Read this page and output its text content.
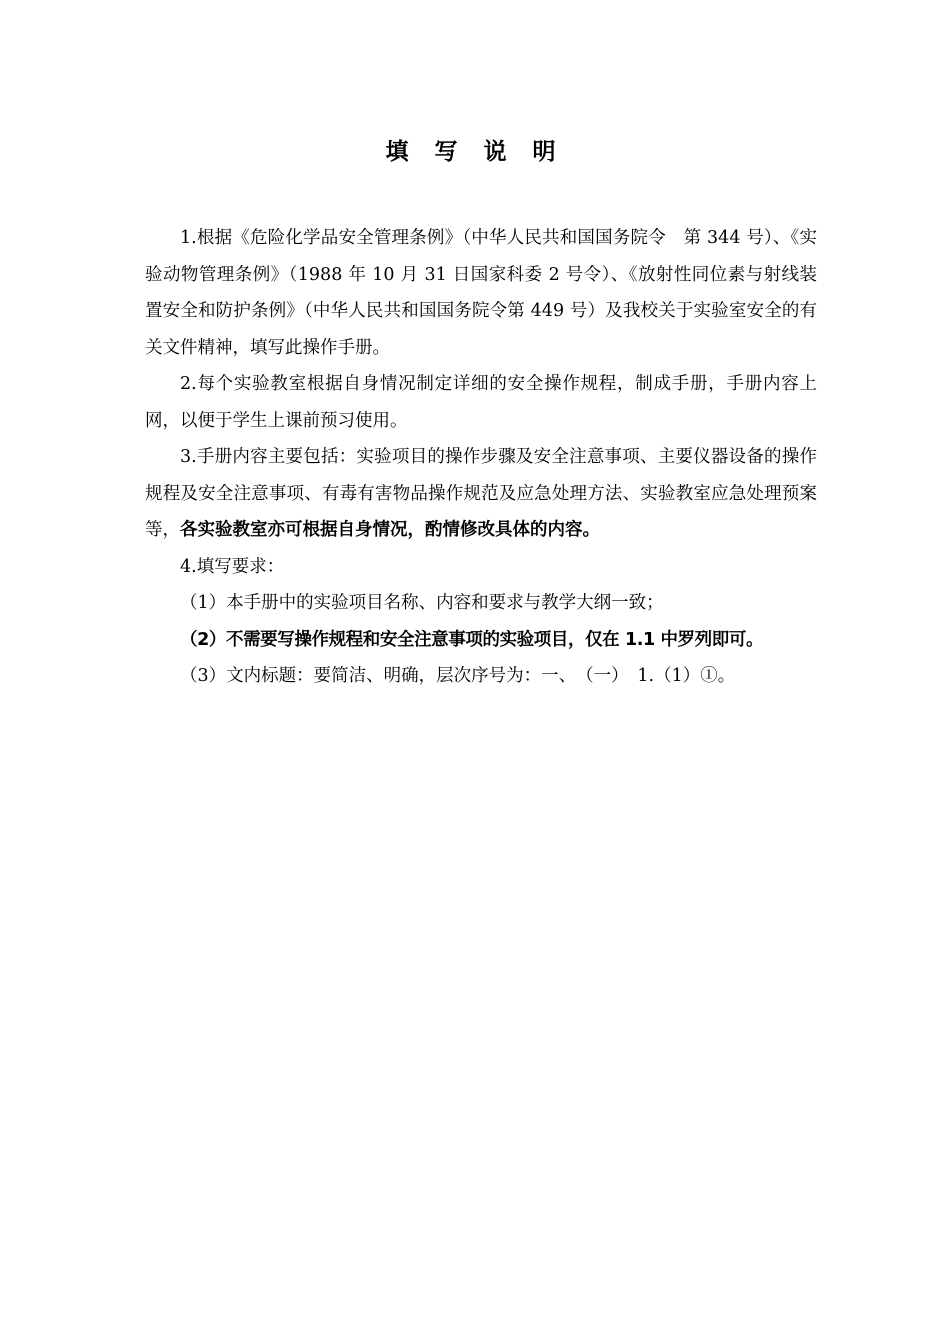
填 写 说 明

1.根据《危险化学品安全管理条例》（中华人民共和国国务院令　第 344 号）、《实验动物管理条例》（1988 年 10 月 31 日国家科委 2 号令）、《放射性同位素与射线装置安全和防护条例》（中华人民共和国国务院令第 449 号）及我校关于实验室安全的有关文件精神，填写此操作手册。

2.每个实验教室根据自身情况制定详细的安全操作规程，制成手册，手册内容上网，以便于学生上课前预习使用。

3.手册内容主要包括：实验项目的操作步骤及安全注意事项、主要仪器设备的操作规程及安全注意事项、有毒有害物品操作规范及应急处理方法、实验教室应急处理预案等，各实验教室亦可根据自身情况，酌情修改具体的内容。

4.填写要求：

（1）本手册中的实验项目名称、内容和要求与教学大纲一致；

（2）不需要写操作规程和安全注意事项的实验项目，仅在 1.1 中罗列即可。

（3）文内标题：要简洁、明确，层次序号为：一、　（一）　1.（1）①。
